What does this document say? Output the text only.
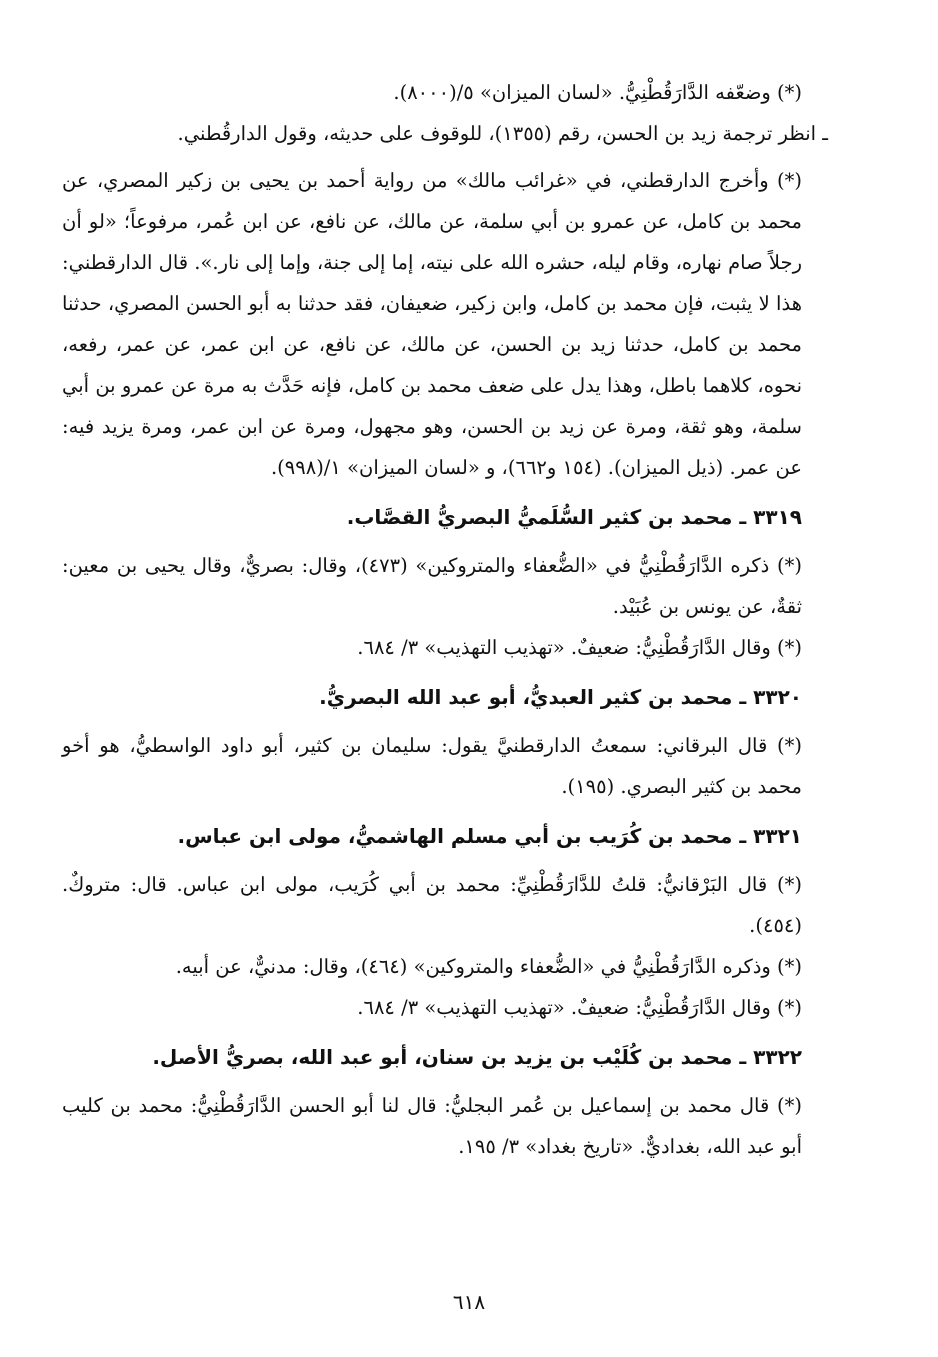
(*) وضعّفه الدَّارَقُطْنِيُّ. «لسان الميزان» ٥/(٨٠٠٠).

ـ انظر ترجمة زيد بن الحسن، رقم (١٣٥٥)، للوقوف على حديثه، وقول الدارقُطني.

(*) وأخرج الدارقطني، في «غرائب مالك» من رواية أحمد بن يحيى بن زكير المصري، عن محمد بن كامل، عن عمرو بن أبي سلمة، عن مالك، عن نافع، عن ابن عُمر، مرفوعاً؛ «لو أن رجلاً صام نهاره، وقام ليله، حشره الله على نيته، إما إلى جنة، وإما إلى نار.». قال الدارقطني: هذا لا يثبت، فإن محمد بن كامل، وابن زكير، ضعيفان، فقد حدثنا به أبو الحسن المصري، حدثنا محمد بن كامل، حدثنا زيد بن الحسن، عن مالك، عن نافع، عن ابن عمر، عن عمر، رفعه، نحوه، كلاهما باطل، وهذا يدل على ضعف محمد بن كامل، فإنه حَدَّث به مرة عن عمرو بن أبي سلمة، وهو ثقة، ومرة عن زيد بن الحسن، وهو مجهول، ومرة عن ابن عمر، ومرة يزيد فيه: عن عمر. (ذيل الميزان). (١٥٤ و٦٦٢)، و «لسان الميزان» ١/(٩٩٨).

٣٣١٩ ـ محمد بن كثير السُّلَميُّ البصريُّ القصَّاب.

(*) ذكره الدَّارَقُطْنِيُّ في «الضُّعفاء والمتروكين» (٤٧٣)، وقال: بصريٌّ، وقال يحيى بن معين: ثقةٌ، عن يونس بن عُبَيْد.

(*) وقال الدَّارَقُطْنِيُّ: ضعيفٌ. «تهذيب التهذيب» ٣/ ٦٨٤.

٣٣٢٠ ـ محمد بن كثير العبديُّ، أبو عبد الله البصريُّ.

(*) قال البرقاني: سمعتُ الدارقطنيَّ يقول: سليمان بن كثير، أبو داود الواسطيُّ، هو أخو محمد بن كثير البصري. (١٩٥).

٣٣٢١ ـ محمد بن كُرَيب بن أبي مسلم الهاشميُّ، مولى ابن عباس.

(*) قال البَرْقانيُّ: قلتُ للدَّارَقُطْنِيِّ: محمد بن أبي كُرَيب، مولى ابن عباس. قال: متروكٌ. (٤٥٤).

(*) وذكره الدَّارَقُطْنِيُّ في «الضُّعفاء والمتروكين» (٤٦٤)، وقال: مدنيٌّ، عن أبيه.

(*) وقال الدَّارَقُطْنِيُّ: ضعيفٌ. «تهذيب التهذيب» ٣/ ٦٨٤.

٣٣٢٢ ـ محمد بن كُلَيْب بن يزيد بن سنان، أبو عبد الله، بصريُّ الأصل.

(*) قال محمد بن إسماعيل بن عُمر البجليُّ: قال لنا أبو الحسن الدَّارَقُطْنِيُّ: محمد بن كليب أبو عبد الله، بغداديٌّ. «تاريخ بغداد» ٣/ ١٩٥.

٦١٨
